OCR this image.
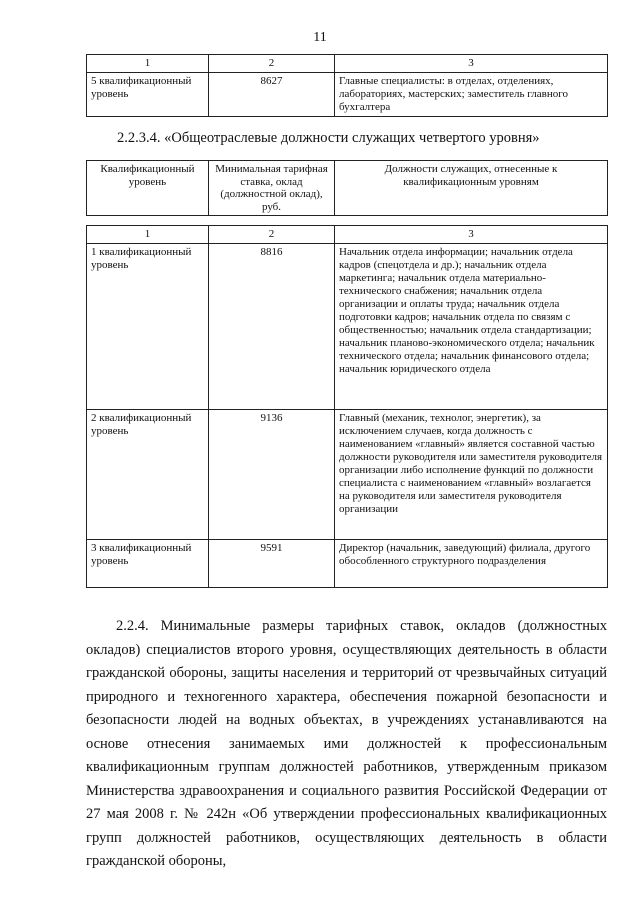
11
1	2	3
5 квалификационный уровень	8627	Главные специалисты: в отделах, отделениях, лабораториях, мастерских; заместитель главного бухгалтера
2.2.3.4. «Общеотраслевые должности служащих четвертого уровня»
Квалификационный уровень	Минимальная тарифная ставка, оклад (должностной оклад), руб.	Должности служащих, отнесенные к квалификационным уровням

1	2	3
1 квалификационный уровень	8816	Начальник отдела информации; начальник отдела кадров (спецотдела и др.); начальник отдела маркетинга; начальник отдела материально-технического снабжения; начальник отдела организации и оплаты труда; начальник отдела подготовки кадров; начальник отдела по связям с общественностью; начальник отдела стандартизации; начальник планово-экономического отдела; начальник технического отдела; начальник финансового отдела; начальник юридического отдела
2 квалификационный уровень	9136	Главный (механик, технолог, энергетик), за исключением случаев, когда должность с наименованием «главный» является составной частью должности руководителя или заместителя руководителя организации либо исполнение функций по должности специалиста с наименованием «главный» возлагается на руководителя или заместителя руководителя организации
3 квалификационный уровень	9591	Директор (начальник, заведующий) филиала, другого обособленного структурного подразделения
2.2.4. Минимальные размеры тарифных ставок, окладов (должностных окладов) специалистов второго уровня, осуществляющих деятельность в области гражданской обороны, защиты населения и территорий от чрезвычайных ситуаций природного и техногенного характера, обеспечения пожарной безопасности и безопасности людей на водных объектах, в учреждениях устанавливаются на основе отнесения занимаемых ими должностей к профессиональным квалификационным группам должностей работников, утвержденным приказом Министерства здравоохранения и социального развития Российской Федерации от 27 мая 2008 г. № 242н «Об утверждении профессиональных квалификационных групп должностей работников, осуществляющих деятельность в области гражданской обороны,
